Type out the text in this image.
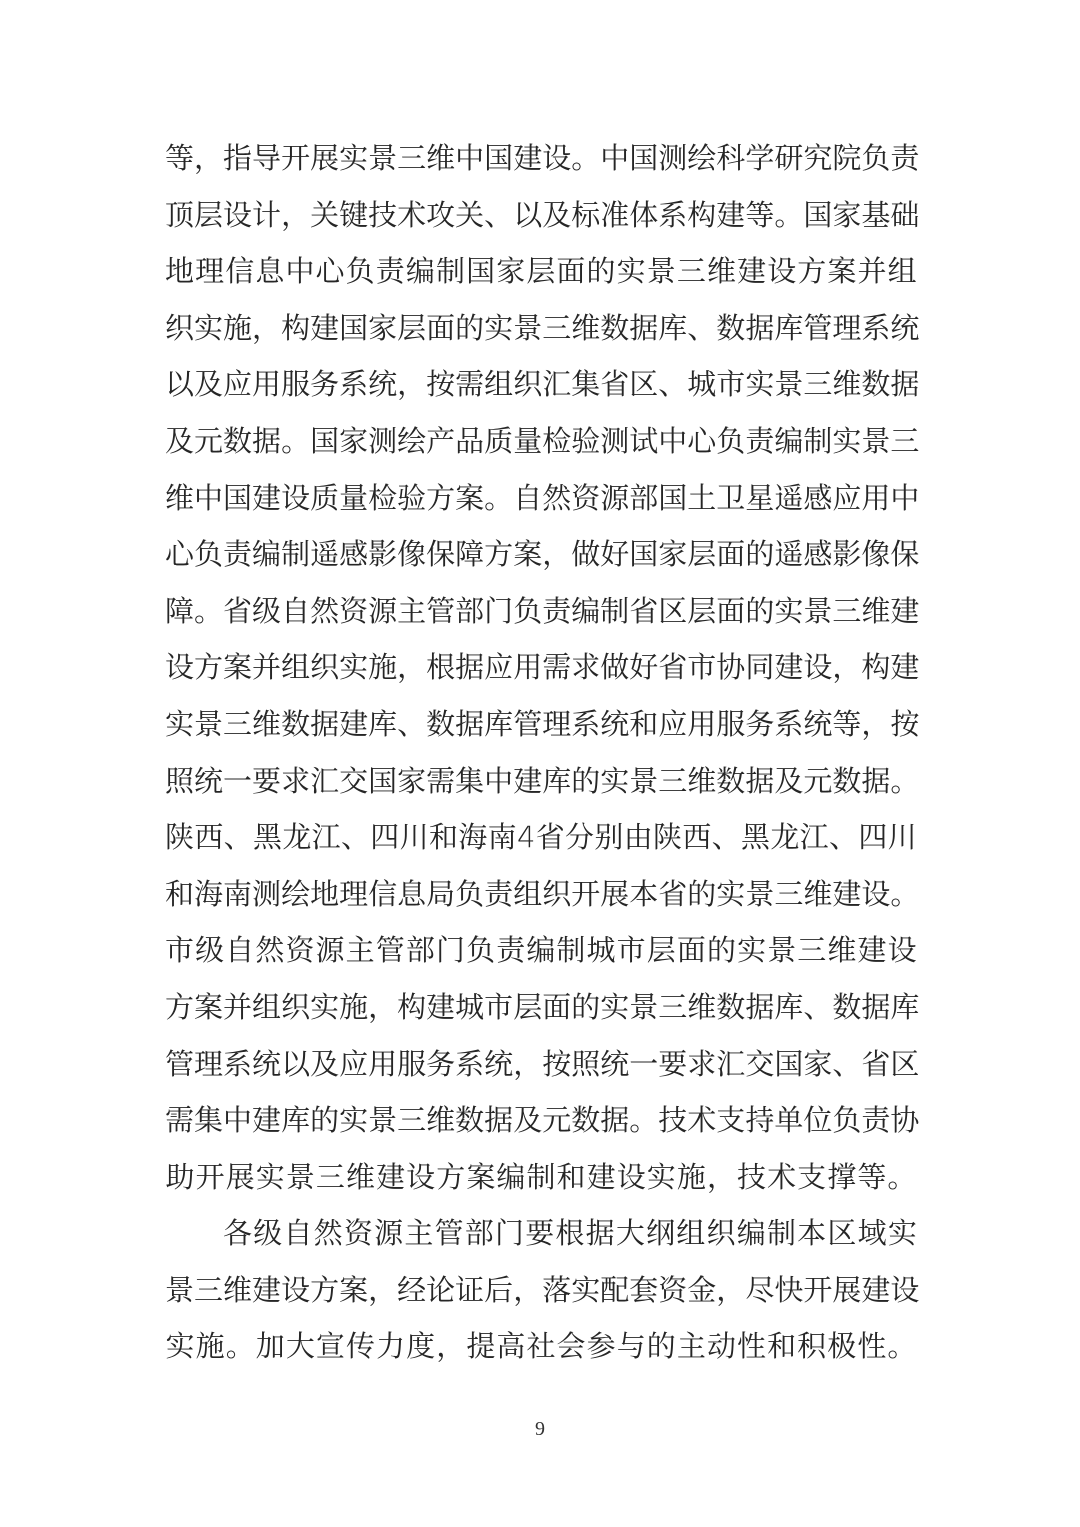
等 ， 指 导 开 展 实 景 三 维 中 国 建 设 。 中 国 测 绘 科 学 研 究 院 负 责
顶 层 设 计 ， 关 键 技 术 攻 关 、 以 及 标 准 体 系 构 建 等 。 国 家 基 础
地 理 信 息 中 心 负 责 编 制 国 家 层 面 的 实 景 三 维 建 设 方 案 并 组
织 实 施 ， 构 建 国 家 层 面 的 实 景 三 维 数 据 库 、 数 据 库 管 理 系 统
以 及 应 用 服 务 系 统 ， 按 需 组 织 汇 集 省 区 、 城 市 实 景 三 维 数 据
及 元 数 据 。 国 家 测 绘 产 品 质 量 检 验 测 试 中 心 负 责 编 制 实 景 三
维 中 国 建 设 质 量 检 验 方 案 。 自 然 资 源 部 国 土 卫 星 遥 感 应 用 中
心 负 责 编 制 遥 感 影 像 保 障 方 案 ， 做 好 国 家 层 面 的 遥 感 影 像 保
障 。 省 级 自 然 资 源 主 管 部 门 负 责 编 制 省 区 层 面 的 实 景 三 维 建
设 方 案 并 组 织 实 施 ， 根 据 应 用 需 求 做 好 省 市 协 同 建 设 ， 构 建
实 景 三 维 数 据 建 库 、 数 据 库 管 理 系 统 和 应 用 服 务 系 统 等 ， 按
照 统 一 要 求 汇 交 国 家 需 集 中 建 库 的 实 景 三 维 数 据 及 元 数 据 。
陕 西 、 黑 龙 江 、 四 川 和 海 南 4 省 分 别 由 陕 西 、 黑 龙 江 、 四 川
和 海 南 测 绘 地 理 信 息 局 负 责 组 织 开 展 本 省 的 实 景 三 维 建 设 。
市 级 自 然 资 源 主 管 部 门 负 责 编 制 城 市 层 面 的 实 景 三 维 建 设
方 案 并 组 织 实 施 ， 构 建 城 市 层 面 的 实 景 三 维 数 据 库 、 数 据 库
管 理 系 统 以 及 应 用 服 务 系 统 ， 按 照 统 一 要 求 汇 交 国 家 、 省 区
需 集 中 建 库 的 实 景 三 维 数 据 及 元 数 据 。 技 术 支 持 单 位 负 责 协
助 开 展 实 景 三 维 建 设 方 案 编 制 和 建 设 实 施 ， 技 术 支 撑 等 。
各 级 自 然 资 源 主 管 部 门 要 根 据 大 纲 组 织 编 制 本 区 域 实
景 三 维 建 设 方 案 ， 经 论 证 后 ， 落 实 配 套 资 金 ， 尽 快 开 展 建 设
实 施 。 加 大 宣 传 力 度 ， 提 高 社 会 参 与 的 主 动 性 和 积 极 性 。
9
